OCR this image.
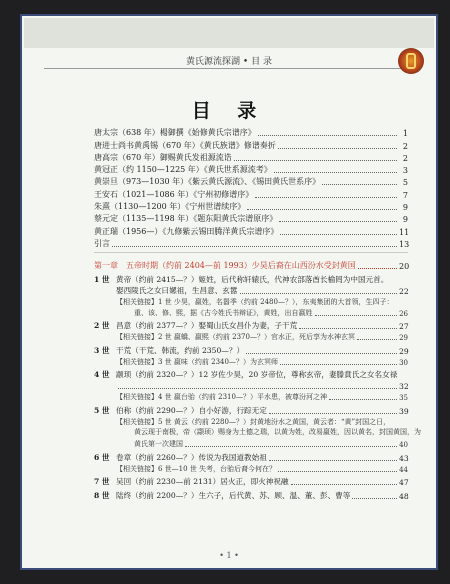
黄氏源流探湖 • 目 录
目 录
唐太宗（638 年）楊御撰《始修黄氏宗谱序》	1
唐进士尚书黄禹锡（670 年）《黄氏族谱》修谱奏折	2
唐高宗（670 年）御赐黄氏发祖源流诰	2
黄冠正（约 1150—1225 年）《黄氏世系源流考》	3
黄崇旦（973—1030 年）《紫云黄氏源流》、《锡田黄氏世系序》	5
王安石（1021—1086 年）《宁州初修谱序》	7
朱熹（1130—1200 年）《宁州世谱续序》	9
蔡元定（1135—1198 年）《题东阳黄氏宗谱原序》	9
黄正瑞（1956—）《九修紫云锡田腾洋黄氏宗谱序》	11
引言	13
第一章　五帝时期（约前 2404—前 1993）少昊后裔在山西汾水受封黄国	20
1 世 黄帝（约前 2415—？）姬姓，后代称轩辕氏，代神农部落酋长榆罔为中国元首。
娶西陵氏之女曰嫘祖，生昌意、玄嚣	22
【相关链接】1 世 少昊，嬴姓，名嚣季（约前 2480—？），东夷集团的大首领，生四子：
重、该、修、熙，据《古今姓氏书辩证》，黄姓，出自嬴姓	26
2 世 昌意（约前 2377—？）娶蜀山氏女昌仆为妻，子干荒	27
【相关链接】2 世 嬴蟜、嬴熙（约前 2370—？）官水正，死后享为水神玄冥	29
3 世 干荒（干荒、韩流，约前 2350—？）	29
【相关链接】3 世 嬴味（约前 2340—？）为玄冥师	30
4 世 颛顼（约前 2320—？）12 岁佐少昊，20 岁帝位，尊称玄帝，妻滕賁氏之女名女禄
32
【相关链接】4 世 嬴台骀（约前 2310—？）平水患，被尊汾河之神	35
5 世 伯称（约前 2290—？）自小好游，行踪无定	39
【相关链接】5 世 黄云（约前 2280—？）封黄地汾水之黄国，黄云者：“黄”封国之日，
黄云现于南极，帝（颛顼）赐身为土德之瑞，以黄为姓，改易嬴姓，因以黄名，封国黄国，为
黄氏第一次建国	40
6 世 卷章（约前 2260—？）传说为我国道教始祖	43
【相关链接】6 世—10 世 失考，台骀后裔今何在？	44
7 世 吴回（约前 2230—前 2131）居火正，即火神祝融	47
8 世 陆终（约前 2200—？）生六子，后代黄、苏、顾、温、董、彭、曹等	48
• 1 •
